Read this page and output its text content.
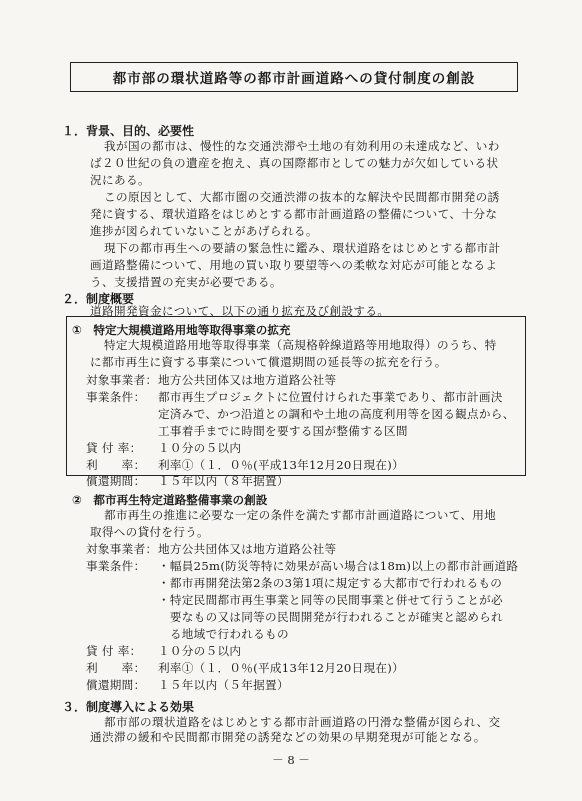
都市部の環状道路等の都市計画道路への貸付制度の創設
１．背景、目的、必要性
我が国の都市は、慢性的な交通渋滞や土地の有効利用の未達成など、いわ
ば２０世紀の負の遺産を抱え、真の国際都市としての魅力が欠如している状
況にある。
この原因として、大都市圏の交通渋滞の抜本的な解決や民間都市開発の誘
発に資する、環状道路をはじめとする都市計画道路の整備について、十分な
進捗が図られていないことがあげられる。
現下の都市再生への要請の緊急性に鑑み、環状道路をはじめとする都市計
画道路整備について、用地の買い取り要望等への柔軟な対応が可能となるよ
う、支援措置の充実が必要である。
２．制度概要
道路開発資金について、以下の通り拡充及び創設する。
①　特定大規模道路用地等取得事業の拡充
特定大規模道路用地等取得事業（高規格幹線道路等用地取得）のうち、特
に都市再生に資する事業について償還期間の延長等の拡充を行う。
対象事業者： 地方公共団体又は地方道路公社等
事業条件：	都市再生プロジェクトに位置付けられた事業であり、都市計画決
定済みで、かつ沿道との調和や土地の高度利用等を図る観点から、
工事着手までに時間を要する国が整備する区間
貸 付 率：	１０分の５以内
利　　率：	利率①（１．０％(平成13年12月20日現在)）
償還期間：	１５年以内（８年据置）
②　都市再生特定道路整備事業の創設
都市再生の推進に必要な一定の条件を満たす都市計画道路について、用地
取得への貸付を行う。
対象事業者： 地方公共団体又は地方道路公社等
事業条件：	・幅員25m(防災等特に効果が高い場合は18m)以上の都市計画道路
・都市再開発法第2条の3第1項に規定する大都市で行われるもの
・特定民間都市再生事業と同等の民間事業と併せて行うことが必
　要なもの又は同等の民間開発が行われることが確実と認められ
　る地域で行われるもの
貸 付 率：	１０分の５以内
利　　率：	利率①（１．０％(平成13年12月20日現在)）
償還期間：	１５年以内（５年据置）
３．制度導入による効果
都市部の環状道路をはじめとする都市計画道路の円滑な整備が図られ、交
通渋滞の緩和や民間都市開発の誘発などの効果の早期発現が可能となる。
－ 8 －
